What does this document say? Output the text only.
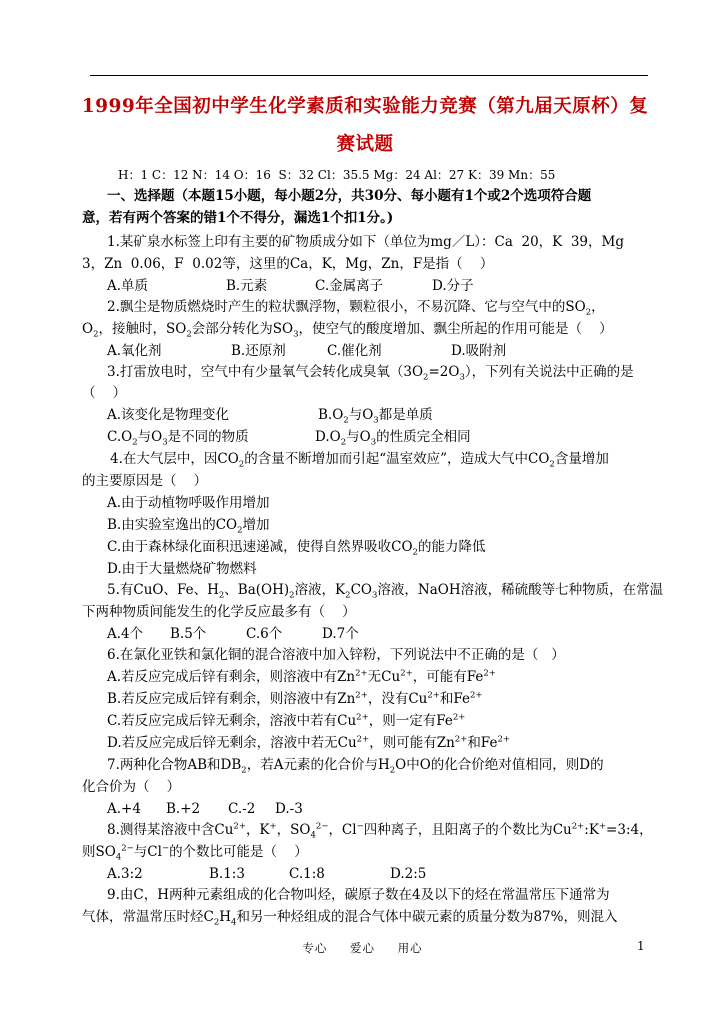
1999年全国初中学生化学素质和实验能力竞赛（第九届天原杯）复
赛试题
H：1 C：12 N：14 O：16  S：32 Cl：35.5 Mg：24 Al：27 K：39 Mn：55
一、选择题（本题15小题，每小题2分，共30分、每小题有1个或2个选项符合题
意，若有两个答案的错1个不得分，漏选1个扣1分。)
1.某矿泉水标签上印有主要的矿物质成分如下（单位为mg／L）：Ca  20，K  39，Mg
3，Zn  0.06，F  0.02等，这里的Ca，K，Mg，Zn，F是指（    ）
A.单质	B.元素	C.金属离子	D.分子
2.飘尘是物质燃烧时产生的粒状飘浮物，颗粒很小，不易沉降、它与空气中的$SO_2$，
$O_2$，接触时，$SO_2$会部分转化为$SO_3$，使空气的酸度增加、飘尘所起的作用可能是（    ）
A.氧化剂	B.还原剂	C.催化剂	D.吸附剂
3.打雷放电时，空气中有少量氧气会转化成臭氧$(3O_2=2O_3)$，下列有关说法中正确的是
（    ）
A.该变化是物理变化	$B.O_2$与$O_3$都是单质
$C.O_2$与$O_3$是不同的物质	$D.O_2$与$O_3$的性质完全相同
4.在大气层中，因$CO_2$的含量不断增加而引起“温室效应”，造成大气中$CO_2$含量增加
的主要原因是（    ）
A.由于动植物呼吸作用增加
B.由实验室逸出的$CO_2$增加
C.由于森林绿化面积迅速递减，使得自然界吸收$CO_2$的能力降低
D.由于大量燃烧矿物燃料
5.有CuO、Fe、$H_2$、$Ba(OH)_2$溶液，$K_2CO_3$溶液，NaOH溶液，稀硫酸等七种物质，在常温
下两种物质间能发生的化学反应最多有（    ）
A.4个 B.5个	C.6个	D.7个
6.在氯化亚铁和氯化铜的混合溶液中加入锌粉，下列说法中不正确的是（   ）
A.若反应完成后锌有剩余，则溶液中有$Zn^{2+}$无$Cu^{2+}$，可能有$Fe^{2+}$
B.若反应完成后锌有剩余，则溶液中有$Zn^{2+}$，没有$Cu^{2+}$和$Fe^{2+}$
C.若反应完成后锌无剩余，溶液中若有$Cu^{2+}$，则一定有$Fe^{2+}$
D.若反应完成后锌无剩余，溶液中若无$Cu^{2+}$，则可能有$Zn^{2+}$和$Fe^{2+}$
7.两种化合物AB和$DB_2$，若A元素的化合价与$H_2O$中O的化合价绝对值相同，则D的
化合价为（    ）
A.+4 B.+2 C.-2 D.-3
8.测得某溶液中含$Cu^{2+}$，K+，$SO_4^{2-}$，Cl−四种离子，且阳离子的个数比为$Cu^{2+}:K^+=3:4$，
则$SO_4^{2-}$与Cl−的个数比可能是（    ）
A.3:2	B.1:3	C.1:8	D.2:5
9.由C，H两种元素组成的化合物叫烃，碳原子数在4及以下的烃在常温常压下通常为
气体，常温常压时烃$C_2H_4$和另一种烃组成的混合气体中碳元素的质量分数为87%，则混入
专心 爱心 用心	1
